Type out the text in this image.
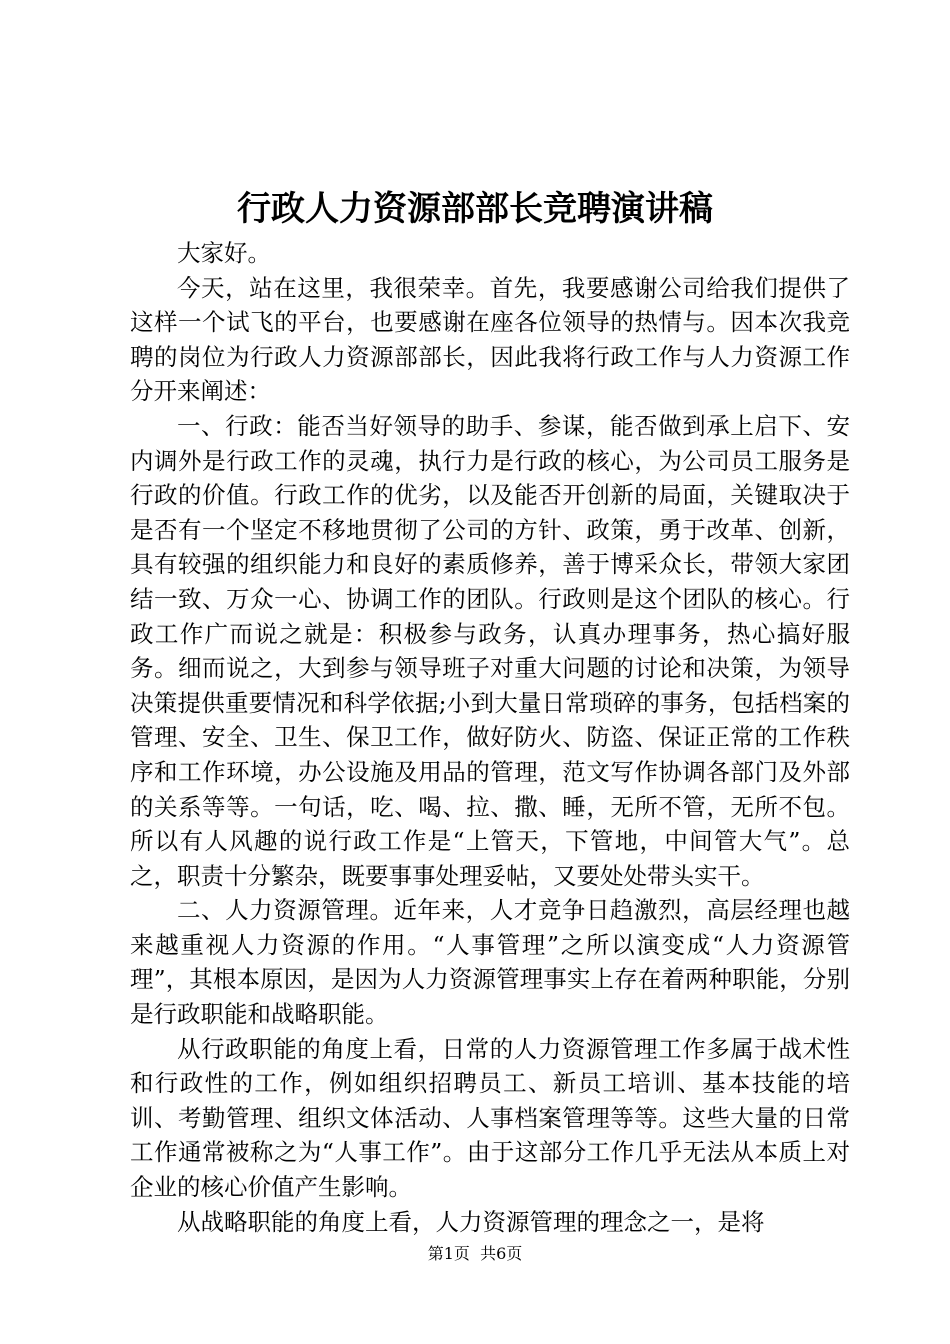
行政人力资源部部长竞聘演讲稿

大家好。

今天，站在这里，我很荣幸。首先，我要感谢公司给我们提供了这样一个试飞的平台，也要感谢在座各位领导的热情与。因本次我竞聘的岗位为行政人力资源部部长，因此我将行政工作与人力资源工作分开来阐述：

一、行政：能否当好领导的助手、参谋，能否做到承上启下、安内调外是行政工作的灵魂，执行力是行政的核心，为公司员工服务是行政的价值。行政工作的优劣，以及能否开创新的局面，关键取决于是否有一个坚定不移地贯彻了公司的方针、政策，勇于改革、创新，具有较强的组织能力和良好的素质修养，善于博采众长，带领大家团结一致、万众一心、协调工作的团队。行政则是这个团队的核心。行政工作广而说之就是：积极参与政务，认真办理事务，热心搞好服务。细而说之，大到参与领导班子对重大问题的讨论和决策，为领导决策提供重要情况和科学依据;小到大量日常琐碎的事务，包括档案的管理、安全、卫生、保卫工作，做好防火、防盗、保证正常的工作秩序和工作环境，办公设施及用品的管理，范文写作协调各部门及外部的关系等等。一句话，吃、喝、拉、撒、睡，无所不管，无所不包。所以有人风趣的说行政工作是“上管天，下管地，中间管大气”。总之，职责十分繁杂，既要事事处理妥帖，又要处处带头实干。

二、人力资源管理。近年来，人才竞争日趋激烈，高层经理也越来越重视人力资源的作用。“人事管理”之所以演变成“人力资源管理”，其根本原因，是因为人力资源管理事实上存在着两种职能，分别是行政职能和战略职能。

从行政职能的角度上看，日常的人力资源管理工作多属于战术性和行政性的工作，例如组织招聘员工、新员工培训、基本技能的培训、考勤管理、组织文体活动、人事档案管理等等。这些大量的日常工作通常被称之为“人事工作”。由于这部分工作几乎无法从本质上对企业的核心价值产生影响。

从战略职能的角度上看，人力资源管理的理念之一，是将

第1页  共6页
